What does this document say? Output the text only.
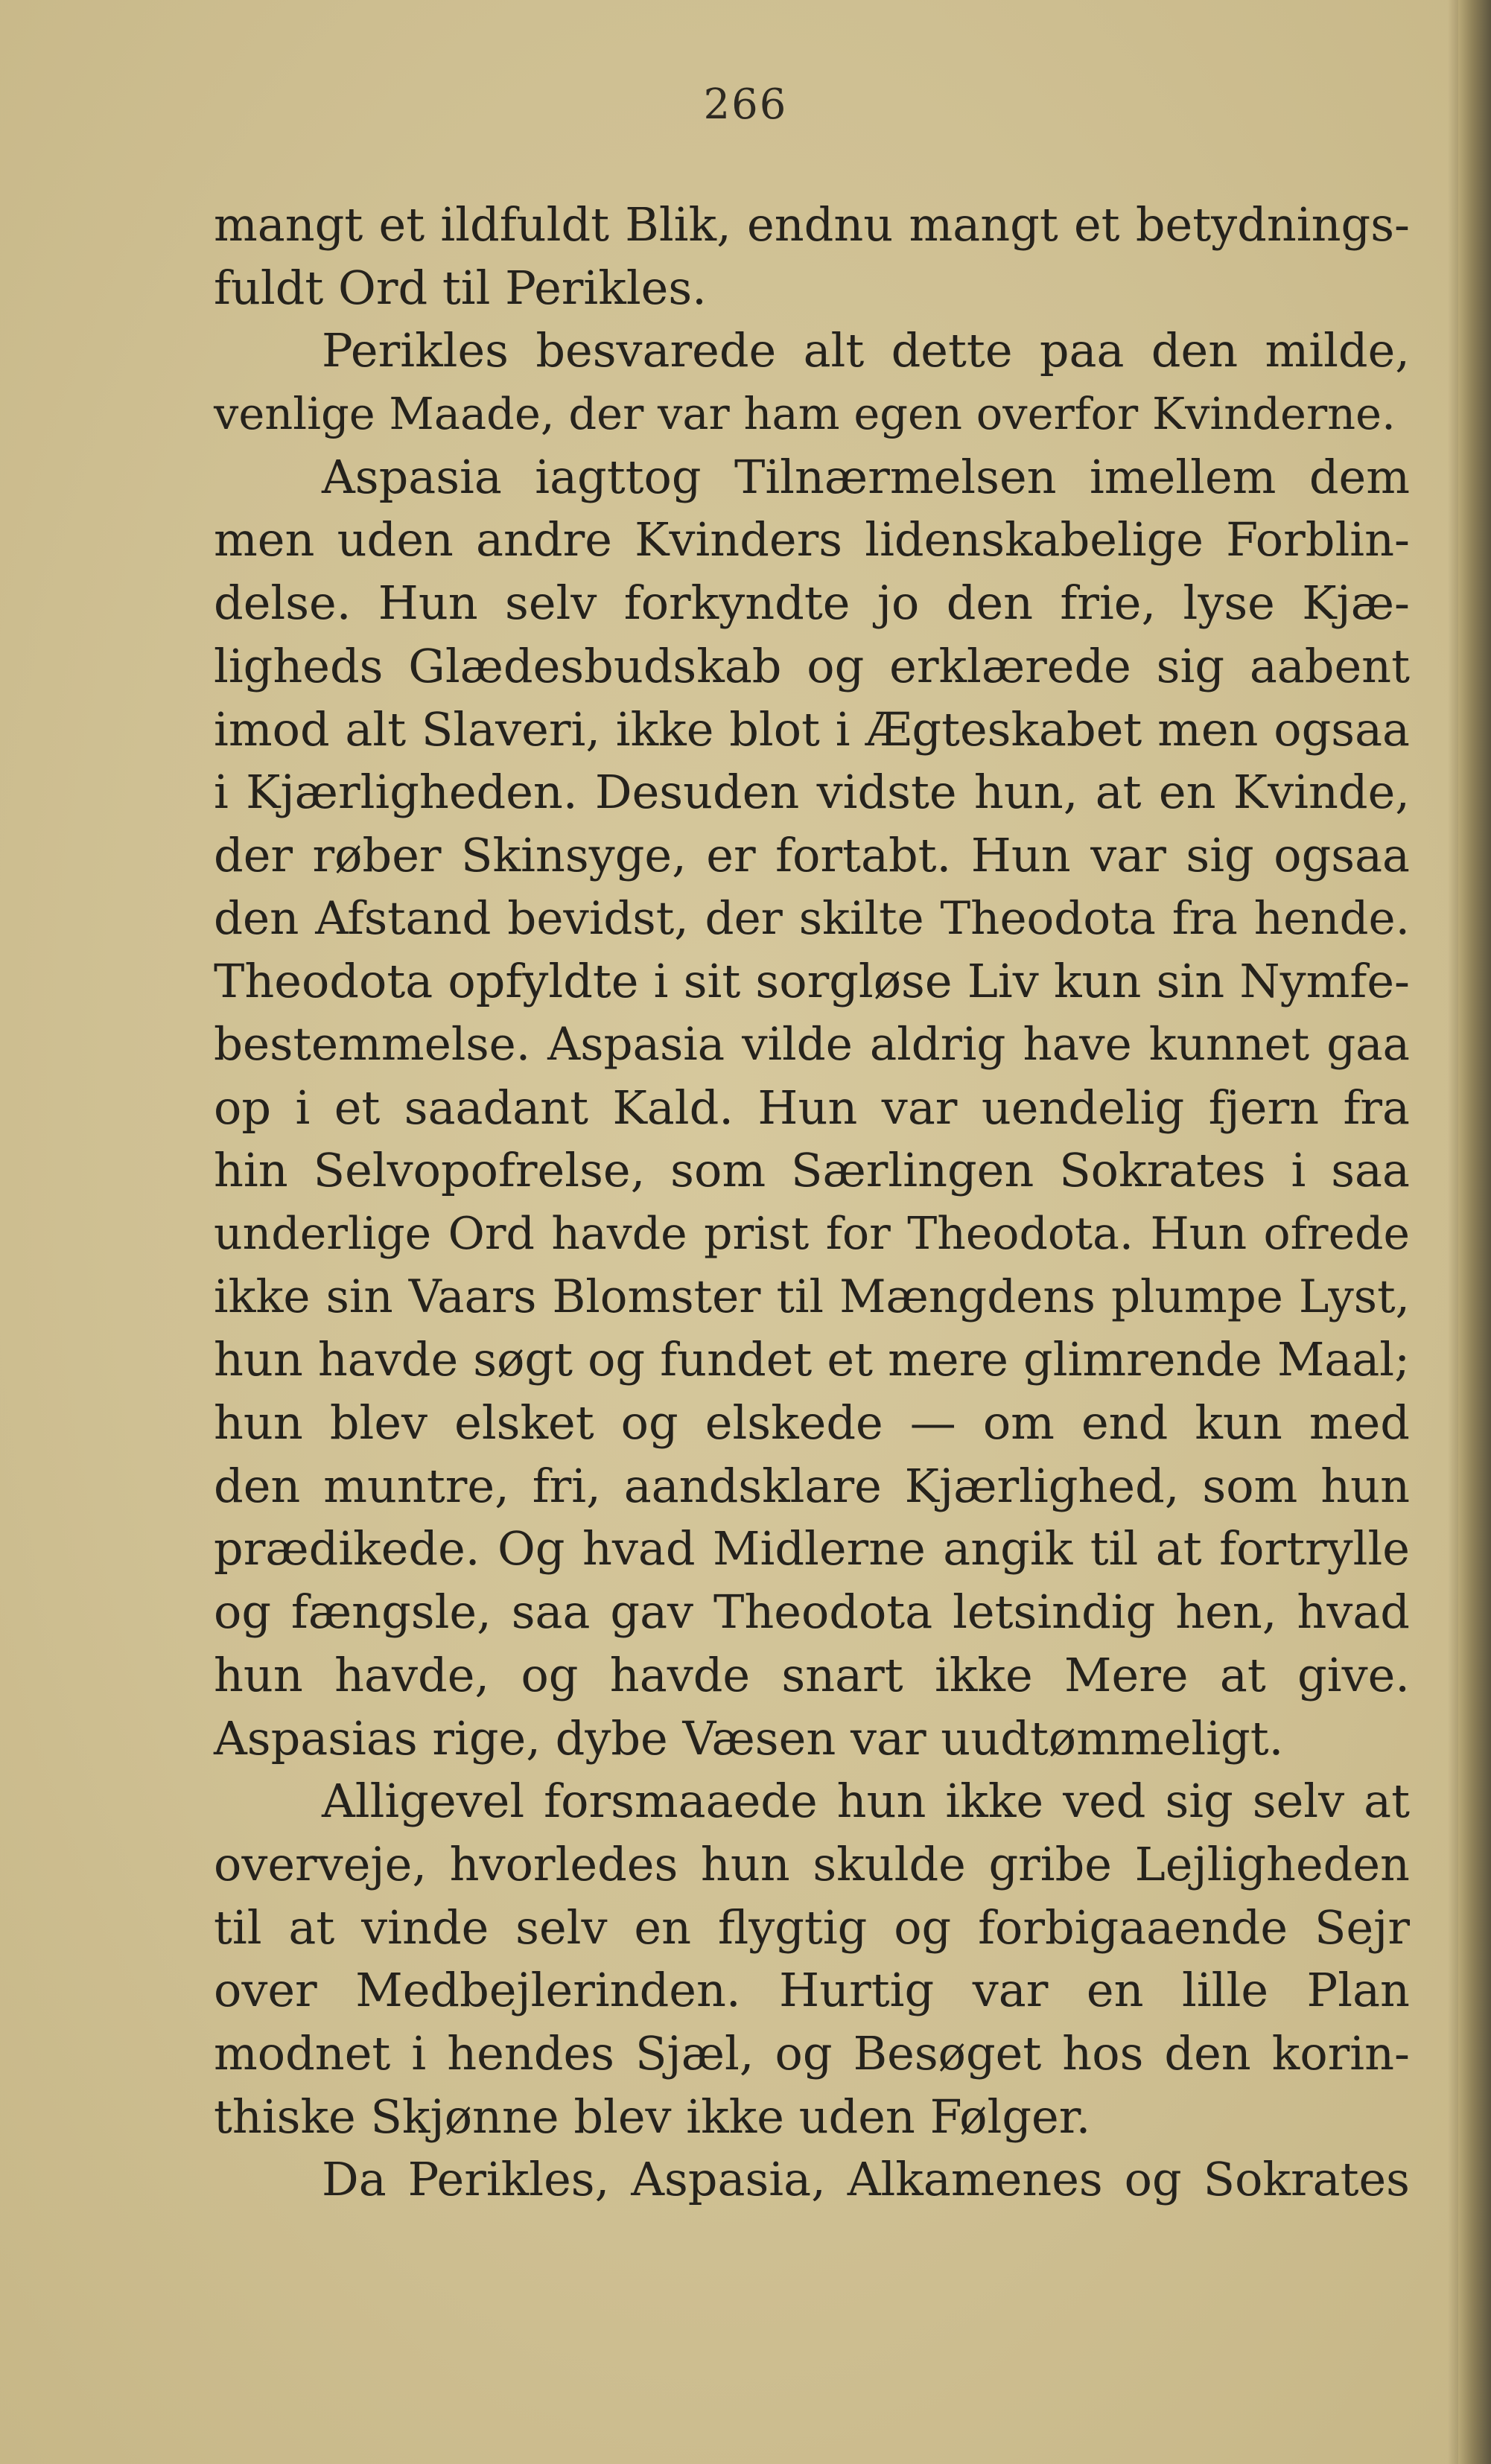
266
mangt et ildfuldt Blik, endnu mangt et betydnings-
fuldt Ord til Perikles.
Perikles besvarede alt dette paa den milde,
venlige Maade, der var ham egen overfor Kvinderne.
Aspasia iagttog Tilnærmelsen imellem dem
men uden andre Kvinders lidenskabelige Forblin-
delse. Hun selv forkyndte jo den frie, lyse Kjæ-
ligheds Glædesbudskab og erklærede sig aabent
imod alt Slaveri, ikke blot i Ægteskabet men ogsaa
i Kjærligheden. Desuden vidste hun, at en Kvinde,
der røber Skinsyge, er fortabt. Hun var sig ogsaa
den Afstand bevidst, der skilte Theodota fra hende.
Theodota opfyldte i sit sorgløse Liv kun sin Nymfe-
bestemmelse. Aspasia vilde aldrig have kunnet gaa
op i et saadant Kald. Hun var uendelig fjern fra
hin Selvopofrelse, som Særlingen Sokrates i saa
underlige Ord havde prist for Theodota. Hun ofrede
ikke sin Vaars Blomster til Mængdens plumpe Lyst,
hun havde søgt og fundet et mere glimrende Maal;
hun blev elsket og elskede — om end kun med
den muntre, fri, aandsklare Kjærlighed, som hun
prædikede. Og hvad Midlerne angik til at fortrylle
og fængsle, saa gav Theodota letsindig hen, hvad
hun havde, og havde snart ikke Mere at give.
Aspasias rige, dybe Væsen var uudtømmeligt.
Alligevel forsmaaede hun ikke ved sig selv at
overveje, hvorledes hun skulde gribe Lejligheden
til at vinde selv en flygtig og forbigaaende Sejr
over Medbejlerinden. Hurtig var en lille Plan
modnet i hendes Sjæl, og Besøget hos den korin-
thiske Skjønne blev ikke uden Følger.
Da Perikles, Aspasia, Alkamenes og Sokrates
